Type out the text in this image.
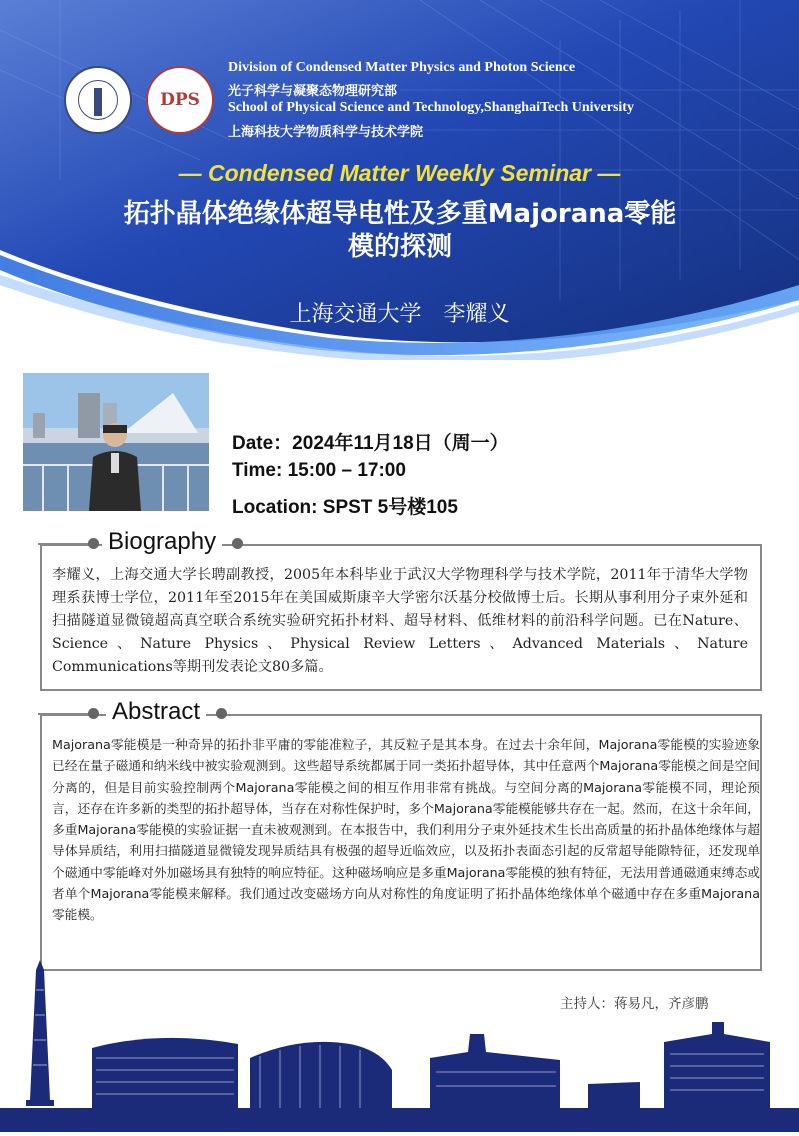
DPS
Division of Condensed Matter Physics and Photon Science
光子科学与凝聚态物理研究部
School of Physical Science and Technology,ShanghaiTech University
上海科技大学物质科学与技术学院
— Condensed Matter Weekly Seminar —
拓扑晶体绝缘体超导电性及多重Majorana零能
模的探测
上海交通大学　李耀义
Date：2024年11月18日（周一）
Time: 15:00 – 17:00
Location: SPST 5号楼105
Biography
李耀义，上海交通大学长聘副教授，2005年本科毕业于武汉大学物理科学与技术学院，2011年于清华大学物理系获博士学位，2011年至2015年在美国威斯康辛大学密尔沃基分校做博士后。长期从事利用分子束外延和扫描隧道显微镜超高真空联合系统实验研究拓扑材料、超导材料、低维材料的前沿科学问题。已在Nature、Science、Nature Physics、Physical Review Letters、Advanced Materials、Nature Communications等期刊发表论文80多篇。
Abstract
Majorana零能模是一种奇异的拓扑非平庸的零能准粒子，其反粒子是其本身。在过去十余年间，Majorana零能模的实验迹象已经在量子磁通和纳米线中被实验观测到。这些超导系统都属于同一类拓扑超导体，其中任意两个Majorana零能模之间是空间分离的，但是目前实验控制两个Majorana零能模之间的相互作用非常有挑战。与空间分离的Majorana零能模不同，理论预言，还存在许多新的类型的拓扑超导体，当存在对称性保护时，多个Majorana零能模能够共存在一起。然而，在这十余年间，多重Majorana零能模的实验证据一直未被观测到。在本报告中，我们利用分子束外延技术生长出高质量的拓扑晶体绝缘体与超导体异质结，利用扫描隧道显微镜发现异质结具有极强的超导近临效应，以及拓扑表面态引起的反常超导能隙特征，还发现单个磁通中零能峰对外加磁场具有独特的响应特征。这种磁场响应是多重Majorana零能模的独有特征，无法用普通磁通束缚态或者单个Majorana零能模来解释。我们通过改变磁场方向从对称性的角度证明了拓扑晶体绝缘体单个磁通中存在多重Majorana零能模。
主持人：蒋易凡，齐彦鹏
